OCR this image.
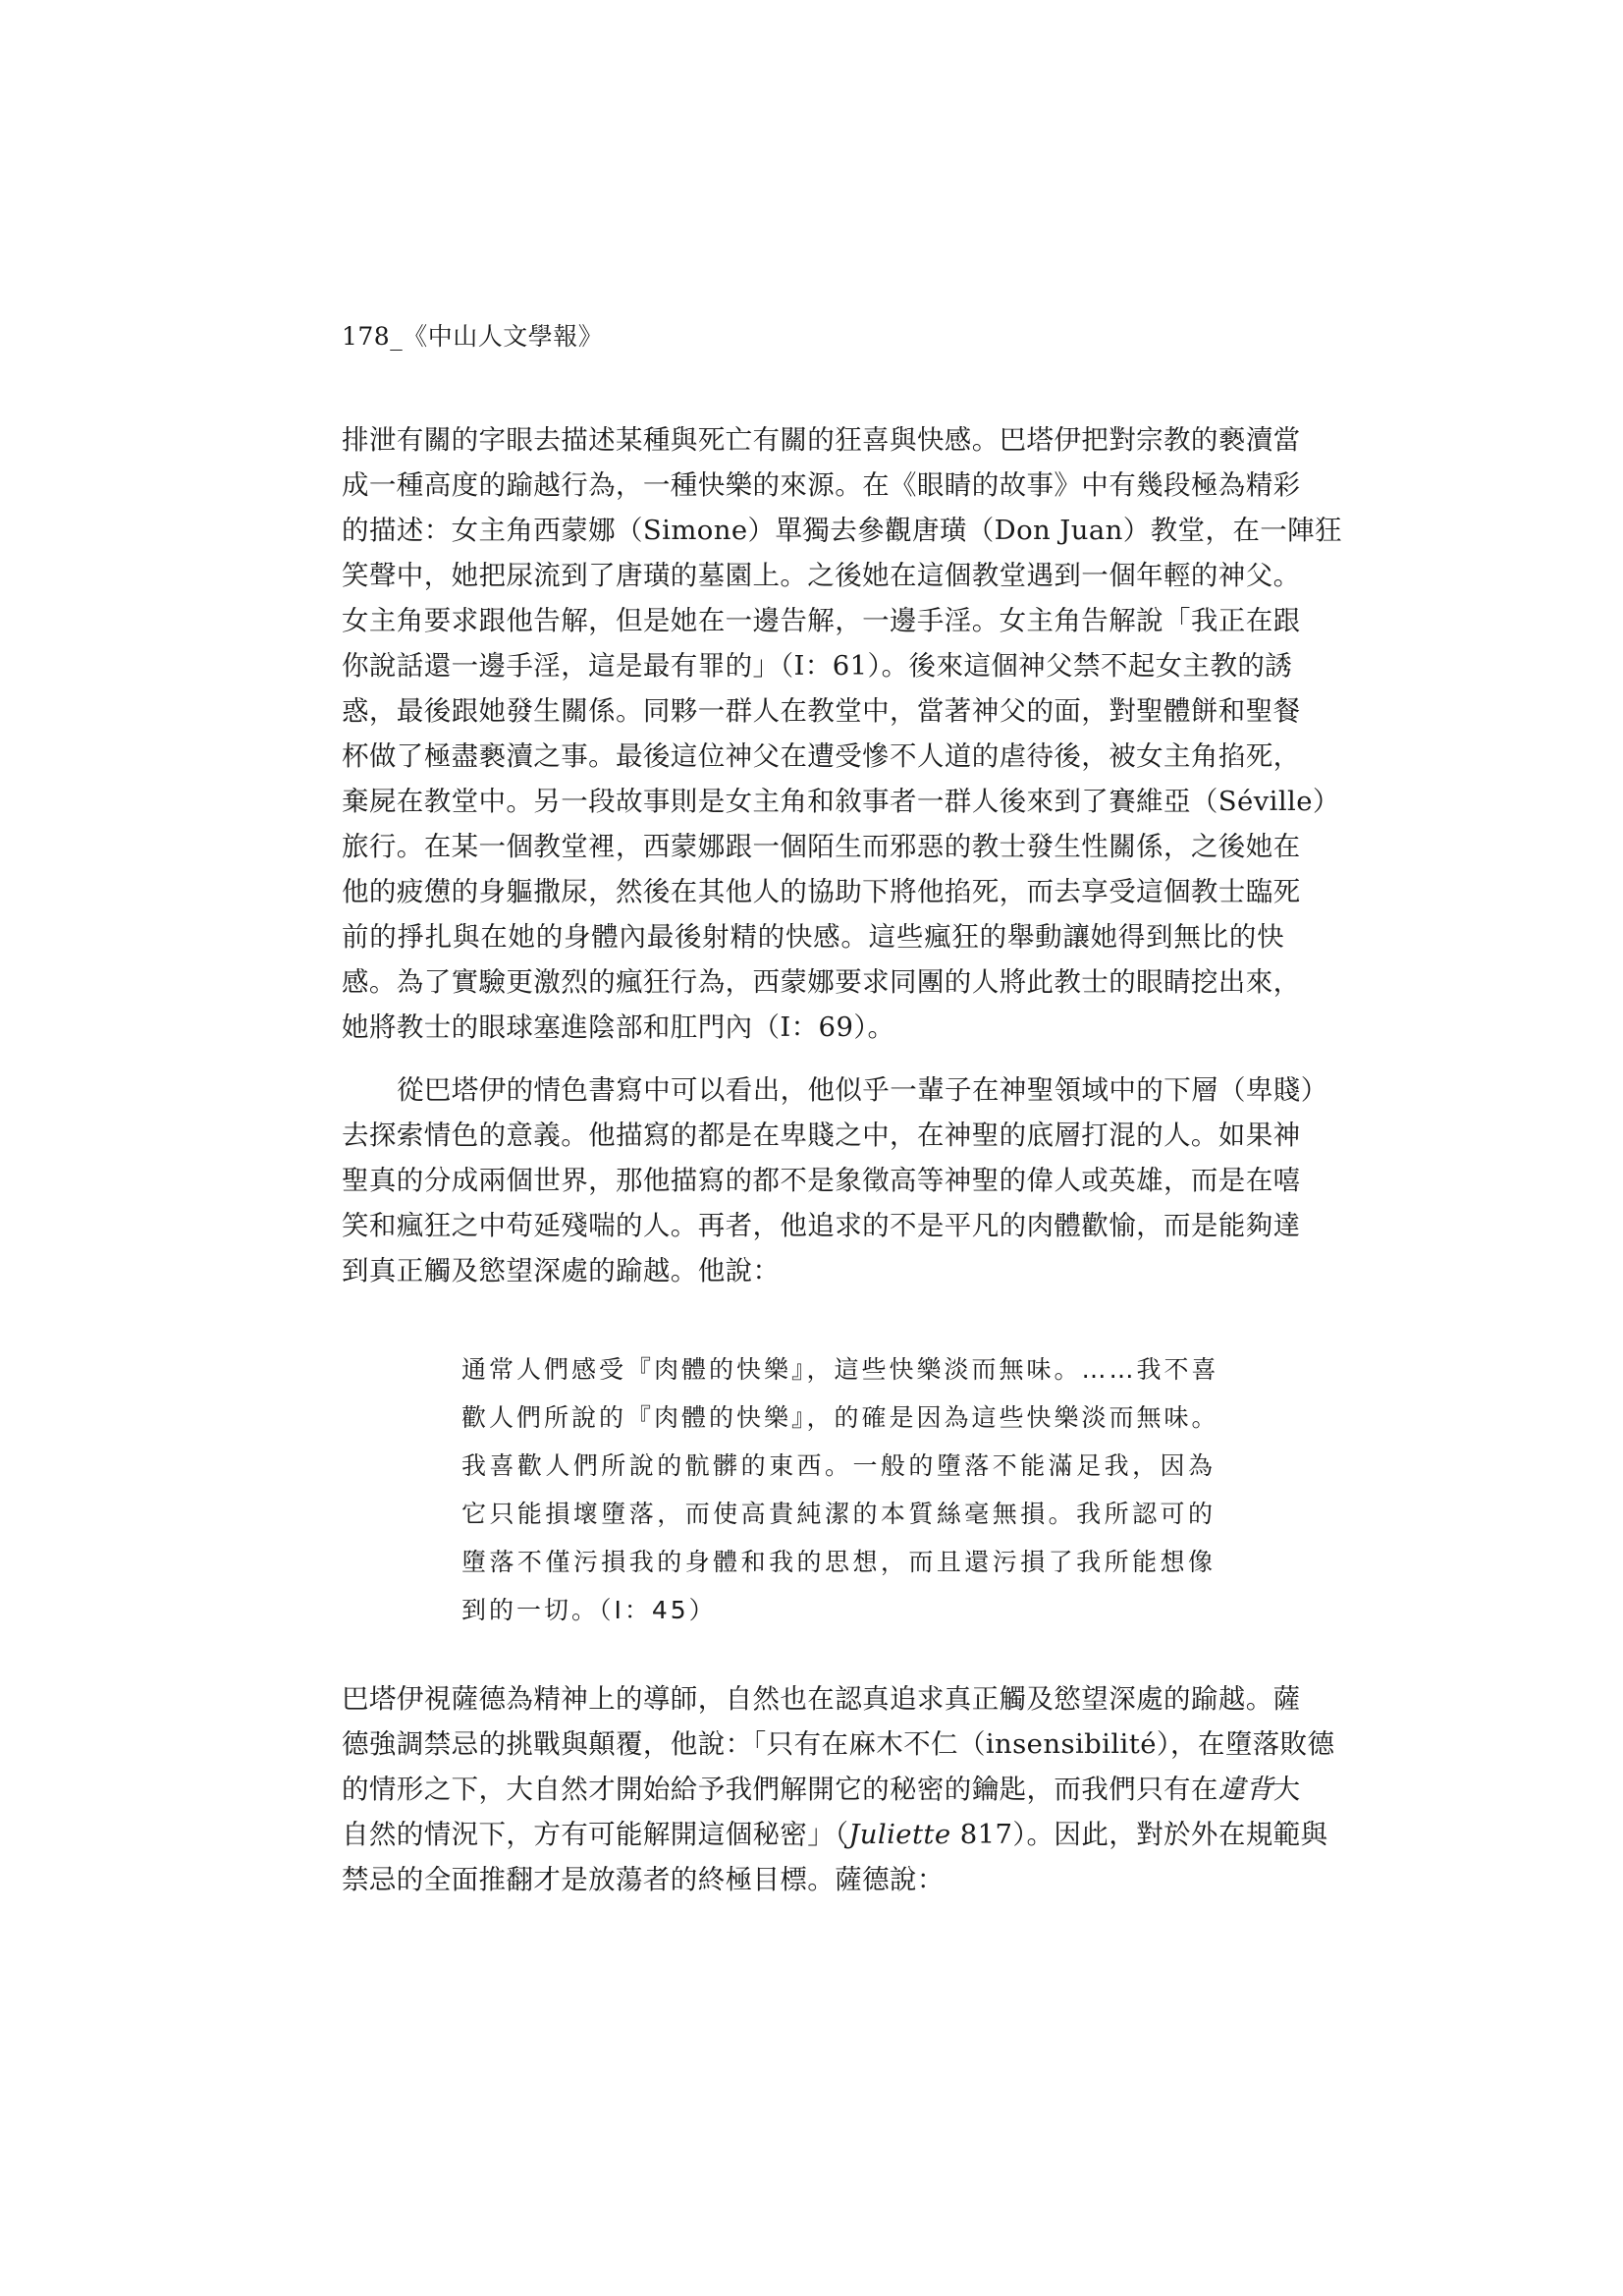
178_《中山人文學報》
排泄有關的字眼去描述某種與死亡有關的狂喜與快感。巴塔伊把對宗教的褻瀆當
成一種高度的踰越行為，一種快樂的來源。在《眼睛的故事》中有幾段極為精彩
的描述：女主角西蒙娜（Simone）單獨去參觀唐璜（Don Juan）教堂，在一陣狂
笑聲中，她把尿流到了唐璜的墓園上。之後她在這個教堂遇到一個年輕的神父。
女主角要求跟他告解，但是她在一邊告解，一邊手淫。女主角告解說「我正在跟
你說話還一邊手淫，這是最有罪的」（I：61）。後來這個神父禁不起女主教的誘
惑，最後跟她發生關係。同夥一群人在教堂中，當著神父的面，對聖體餅和聖餐
杯做了極盡褻瀆之事。最後這位神父在遭受慘不人道的虐待後，被女主角掐死，
棄屍在教堂中。另一段故事則是女主角和敘事者一群人後來到了賽維亞（Séville）
旅行。在某一個教堂裡，西蒙娜跟一個陌生而邪惡的教士發生性關係，之後她在
他的疲憊的身軀撒尿，然後在其他人的協助下將他掐死，而去享受這個教士臨死
前的掙扎與在她的身體內最後射精的快感。這些瘋狂的舉動讓她得到無比的快
感。為了實驗更激烈的瘋狂行為，西蒙娜要求同團的人將此教士的眼睛挖出來，
她將教士的眼球塞進陰部和肛門內（I：69）。
從巴塔伊的情色書寫中可以看出，他似乎一輩子在神聖領域中的下層（卑賤）
去探索情色的意義。他描寫的都是在卑賤之中，在神聖的底層打混的人。如果神
聖真的分成兩個世界，那他描寫的都不是象徵高等神聖的偉人或英雄，而是在嘻
笑和瘋狂之中苟延殘喘的人。再者，他追求的不是平凡的肉體歡愉，而是能夠達
到真正觸及慾望深處的踰越。他說：
通常人們感受『肉體的快樂』，這些快樂淡而無味。……我不喜
歡人們所說的『肉體的快樂』，的確是因為這些快樂淡而無味。
我喜歡人們所說的骯髒的東西。一般的墮落不能滿足我，因為
它只能損壞墮落，而使高貴純潔的本質絲毫無損。我所認可的
墮落不僅污損我的身體和我的思想，而且還污損了我所能想像
到的一切。（I：45）
巴塔伊視薩德為精神上的導師，自然也在認真追求真正觸及慾望深處的踰越。薩
德強調禁忌的挑戰與顛覆，他說：「只有在麻木不仁（insensibilité），在墮落敗德
的情形之下，大自然才開始給予我們解開它的秘密的鑰匙，而我們只有在違背大
自然的情況下，方有可能解開這個秘密」（Juliette 817）。因此，對於外在規範與
禁忌的全面推翻才是放蕩者的終極目標。薩德說：
